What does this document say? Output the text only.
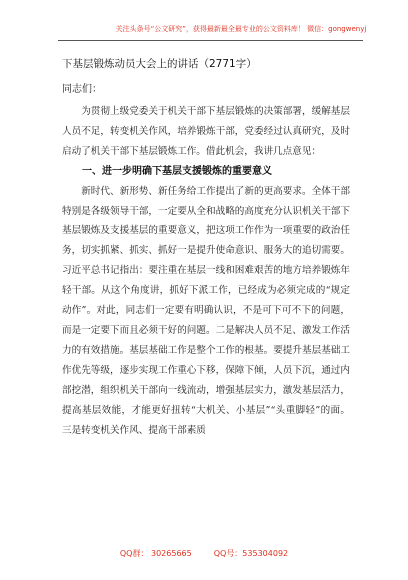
关注头条号“公文研究”，获得最新最全最专业的公文资料库！ 微信：gongwenyj
下基层锻炼动员大会上的讲话（2771字）
同志们：

为贯彻上级党委关于机关干部下基层锻炼的决策部署，缓解基层人员不足，转变机关作风，培养锻炼干部，党委经过认真研究，及时启动了机关干部下基层锻炼工作。借此机会，我讲几点意见：

一、进一步明确下基层支援锻炼的重要意义

新时代、新形势、新任务给工作提出了新的更高要求。全体干部特别是各级领导干部，一定要从全和战略的高度充分认识机关干部下基层锻炼及支援基层的重要意义，把这项工作作为一项重要的政治任务，切实抓紧、抓实、抓好一是提升使命意识、服务大的追切需要。习近平总书记指出：要注重在基层一线和困难艰苦的地方培养锻炼年轻干部。从这个角度讲，抓好下派工作，已经成为必须完成的“规定动作”。对此，同志们一定要有明确认识，不是可下可不下的问题，而是一定要下而且必须干好的问题。二是解决人员不足、激发工作活力的有效措施。基层基础工作是整个工作的根基。要提升基层基础工作优先等级，逐步实现工作重心下移，保障下倾，人员下沉，通过内部挖潜，组织机关干部向一线流动，增强基层实力，激发基层活力，提高基层效能，才能更好扭转“大机关、小基层”“头重脚轻”的面。三是转变机关作风、提高干部素质

QQ群： 30265665	QQ号：535304092
